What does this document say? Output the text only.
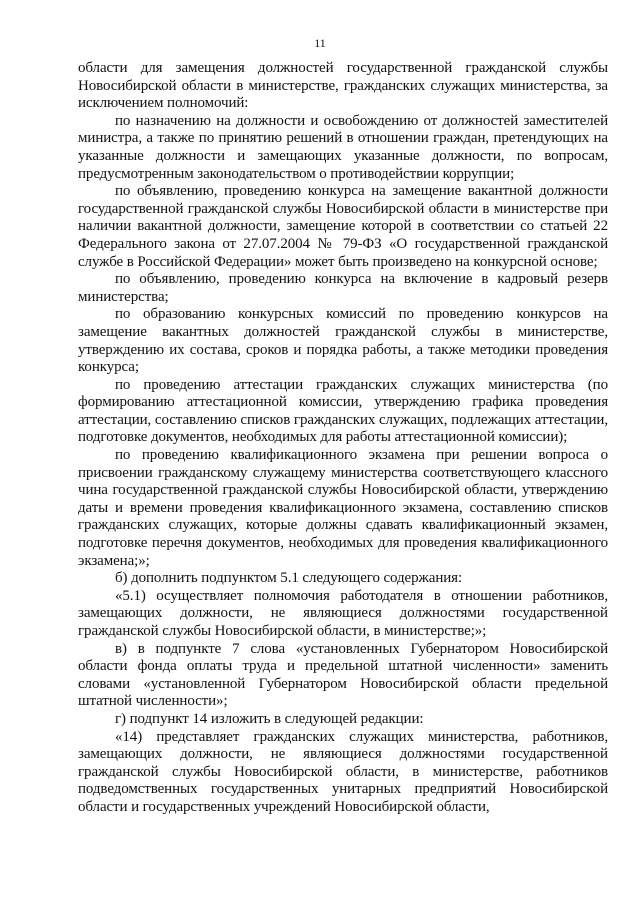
11

области для замещения должностей государственной гражданской службы Новосибирской области в министерстве, гражданских служащих министерства, за исключением полномочий:

по назначению на должности и освобождению от должностей заместителей министра, а также по принятию решений в отношении граждан, претендующих на указанные должности и замещающих указанные должности, по вопросам, предусмотренным законодательством о противодействии коррупции;

по объявлению, проведению конкурса на замещение вакантной должности государственной гражданской службы Новосибирской области в министерстве при наличии вакантной должности, замещение которой в соответствии со статьей 22 Федерального закона от 27.07.2004 № 79-ФЗ «О государственной гражданской службе в Российской Федерации» может быть произведено на конкурсной основе;

по объявлению, проведению конкурса на включение в кадровый резерв министерства;

по образованию конкурсных комиссий по проведению конкурсов на замещение вакантных должностей гражданской службы в министерстве, утверждению их состава, сроков и порядка работы, а также методики проведения конкурса;

по проведению аттестации гражданских служащих министерства (по формированию аттестационной комиссии, утверждению графика проведения аттестации, составлению списков гражданских служащих, подлежащих аттестации, подготовке документов, необходимых для работы аттестационной комиссии);

по проведению квалификационного экзамена при решении вопроса о присвоении гражданскому служащему министерства соответствующего классного чина государственной гражданской службы Новосибирской области, утверждению даты и времени проведения квалификационного экзамена, составлению списков гражданских служащих, которые должны сдавать квалификационный экзамен, подготовке перечня документов, необходимых для проведения квалификационного экзамена;»;

б) дополнить подпунктом 5.1 следующего содержания:

«5.1) осуществляет полномочия работодателя в отношении работников, замещающих должности, не являющиеся должностями государственной гражданской службы Новосибирской области, в министерстве;»;

в) в подпункте 7 слова «установленных Губернатором Новосибирской области фонда оплаты труда и предельной штатной численности» заменить словами «установленной Губернатором Новосибирской области предельной штатной численности»;

г) подпункт 14 изложить в следующей редакции:

«14) представляет гражданских служащих министерства, работников, замещающих должности, не являющиеся должностями государственной гражданской службы Новосибирской области, в министерстве, работников подведомственных государственных унитарных предприятий Новосибирской области и государственных учреждений Новосибирской области,
